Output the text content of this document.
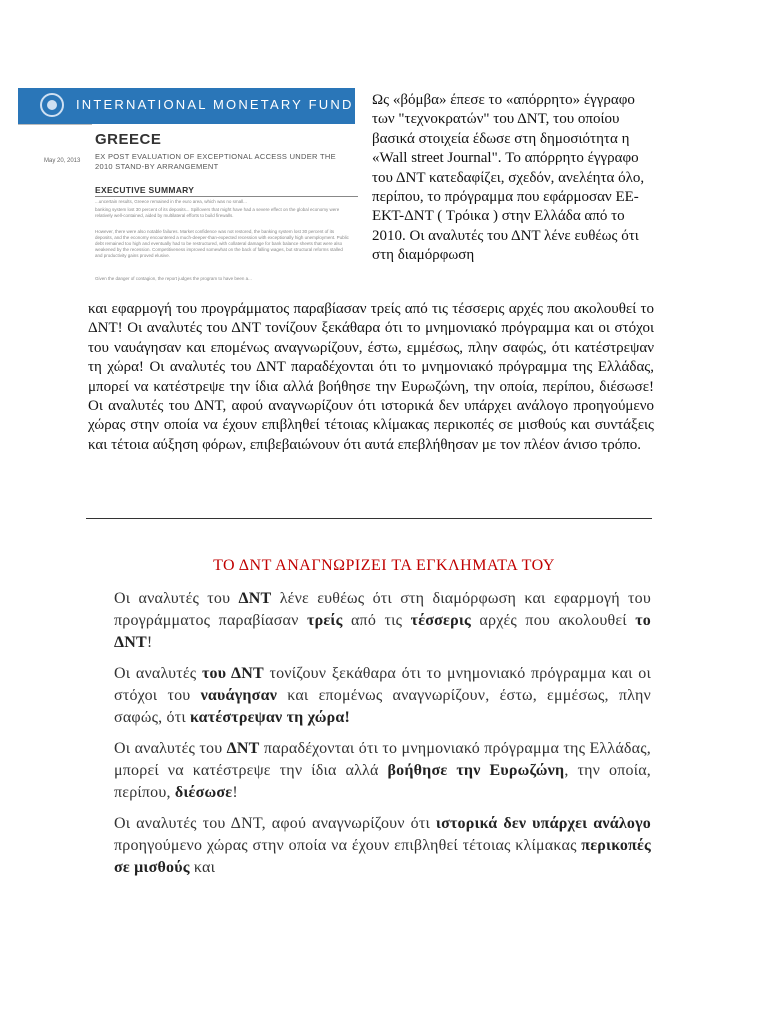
INTERNATIONAL MONETARY FUND
May 20, 2013
GREECE
EX POST EVALUATION OF EXCEPTIONAL ACCESS UNDER THE 2010 STAND-BY ARRANGEMENT
EXECUTIVE SUMMARY
...uncertain results, Greece remained in the euro area, which was no small...
banking system lost 30 percent of its deposits... Spillovers that might have had a severe effect on the global economy were relatively well-contained, aided by multilateral efforts to build firewalls.
However, there were also notable failures. Market confidence was not restored, the banking system lost 30 percent of its deposits, and the economy encountered a much-deeper-than-expected recession with exceptionally high unemployment. Public debt remained too high and eventually had to be restructured, with collateral damage for bank balance sheets that were also weakened by the recession. Competitiveness improved somewhat on the back of falling wages, but structural reforms stalled and productivity gains proved elusive.
Given the danger of contagion, the report judges the program to have been a...

Ως «βόμβα» έπεσε το «απόρρητο» έγγραφο των "τεχνοκρατών" του ΔΝΤ, του οποίου βασικά στοιχεία έδωσε στη δημοσιότητα η «Wall street Journal". Το απόρρητο έγγραφο του ΔΝΤ κατεδαφίζει, σχεδόν, ανελέητα όλο, περίπου, το πρόγραμμα που εφάρμοσαν ΕΕ-ΕΚΤ-ΔΝΤ ( Τρόικα ) στην Ελλάδα από το 2010. Οι αναλυτές του ΔΝΤ λένε ευθέως ότι στη διαμόρφωση

και εφαρμογή του προγράμματος παραβίασαν τρείς από τις τέσσερις αρχές που ακολουθεί το ΔΝΤ! Οι αναλυτές του ΔΝΤ τονίζουν ξεκάθαρα ότι το μνημονιακό πρόγραμμα και οι στόχοι του ναυάγησαν και επομένως αναγνωρίζουν, έστω, εμμέσως, πλην σαφώς, ότι κατέστρεψαν τη χώρα! Οι αναλυτές του ΔΝΤ παραδέχονται ότι το μνημονιακό πρόγραμμα της Ελλάδας, μπορεί να κατέστρεψε την ίδια αλλά βοήθησε την Ευρωζώνη, την οποία, περίπου, διέσωσε! Οι αναλυτές του ΔΝΤ, αφού αναγνωρίζουν ότι ιστορικά δεν υπάρχει ανάλογο προηγούμενο χώρας στην οποία να έχουν επιβληθεί τέτοιας κλίμακας περικοπές σε μισθούς και συντάξεις και τέτοια αύξηση φόρων, επιβεβαιώνουν ότι αυτά επεβλήθησαν με τον πλέον άνισο τρόπο.

ΤΟ ΔΝΤ ΑΝΑΓΝΩΡΙΖΕΙ ΤΑ ΕΓΚΛΗΜΑΤΑ ΤΟΥ

Οι αναλυτές του ΔΝΤ λένε ευθέως ότι στη διαμόρφωση και εφαρμογή του προγράμματος παραβίασαν τρείς από τις τέσσερις αρχές που ακολουθεί το ΔΝΤ!

Οι αναλυτές του ΔΝΤ τονίζουν ξεκάθαρα ότι το μνημονιακό πρόγραμμα και οι στόχοι του ναυάγησαν και επομένως αναγνωρίζουν, έστω, εμμέσως, πλην σαφώς, ότι κατέστρεψαν τη χώρα!

Οι αναλυτές του ΔΝΤ παραδέχονται ότι το μνημονιακό πρόγραμμα της Ελλάδας, μπορεί να κατέστρεψε την ίδια αλλά βοήθησε την Ευρωζώνη, την οποία, περίπου, διέσωσε!

Οι αναλυτές του ΔΝΤ, αφού αναγνωρίζουν ότι ιστορικά δεν υπάρχει ανάλογο προηγούμενο χώρας στην οποία να έχουν επιβληθεί τέτοιας κλίμακας περικοπές σε μισθούς και
